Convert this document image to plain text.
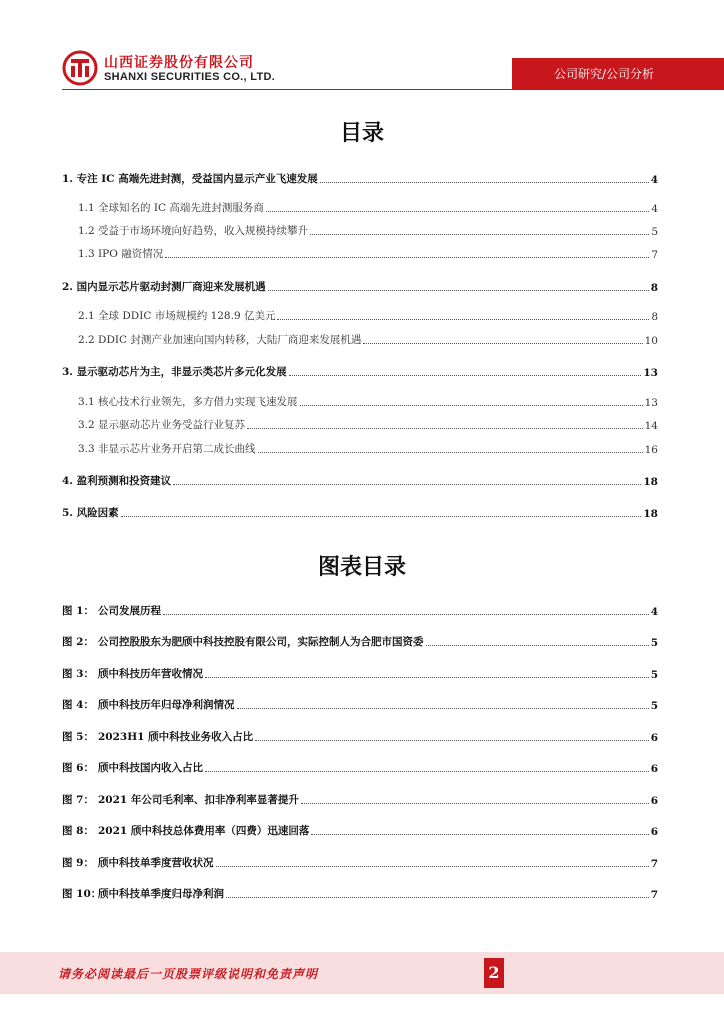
山西证券股份有限公司
SHANXI SECURITIES CO., LTD.	公司研究/公司分析
目录
1. 专注 IC 高端先进封测，受益国内显示产业飞速发展	4
1.1 全球知名的 IC 高端先进封测服务商	4
1.2 受益于市场环境向好趋势，收入规模持续攀升	5
1.3 IPO 融资情况	7
2. 国内显示芯片驱动封测厂商迎来发展机遇	8
2.1 全球 DDIC 市场规模约 128.9 亿美元	8
2.2 DDIC 封测产业加速向国内转移，大陆厂商迎来发展机遇	10
3. 显示驱动芯片为主，非显示类芯片多元化发展	13
3.1 核心技术行业领先，多方借力实现飞速发展	13
3.2 显示驱动芯片业务受益行业复苏	14
3.3 非显示芯片业务开启第二成长曲线	16
4. 盈利预测和投资建议	18
5. 风险因素	18
图表目录
图 1： 公司发展历程	4
图 2： 公司控股股东为肥颀中科技控股有限公司，实际控制人为合肥市国资委	5
图 3： 颀中科技历年营收情况	5
图 4： 颀中科技历年归母净利润情况	5
图 5： 2023H1 颀中科技业务收入占比	6
图 6： 颀中科技国内收入占比	6
图 7： 2021 年公司毛利率、扣非净利率显著提升	6
图 8： 2021 颀中科技总体费用率（四费）迅速回落	6
图 9： 颀中科技单季度营收状况	7
图 10：颀中科技单季度归母净利润	7
请务必阅读最后一页股票评级说明和免责声明	2
